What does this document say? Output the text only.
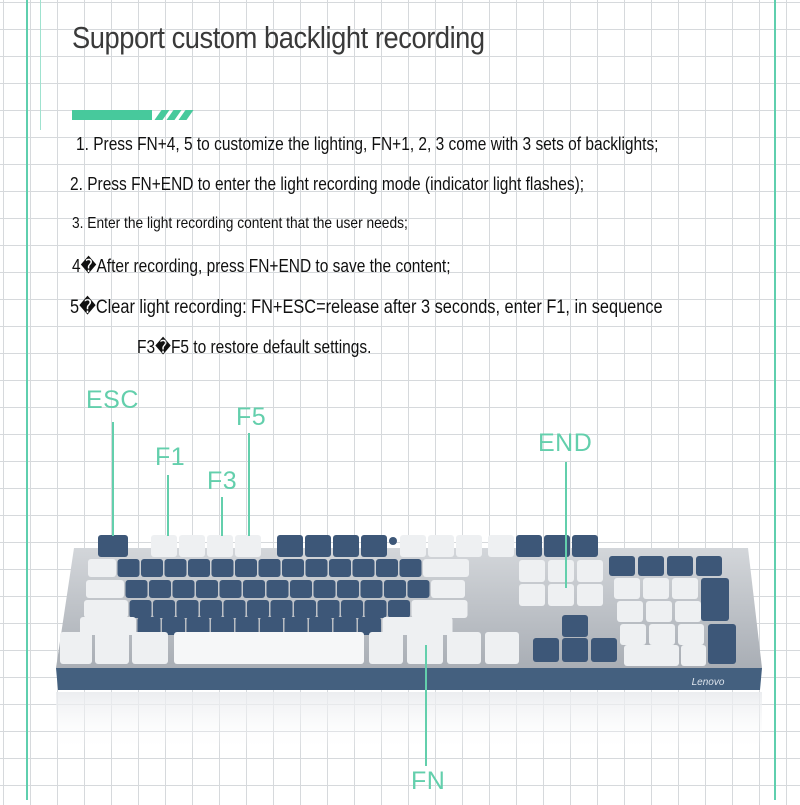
Support custom backlight recording

1. Press FN+4, 5 to customize the lighting, FN+1, 2, 3 come with 3 sets of backlights;

2. Press FN+END to enter the light recording mode (indicator light flashes);

3. Enter the light recording content that the user needs;

4�After recording, press FN+END to save the content;

5�Clear light recording: FN+ESC=release after 3 seconds, enter F1, in sequence

F3�F5 to restore default settings.

Lenovo

ESC

F1

F5

F3

END

FN
